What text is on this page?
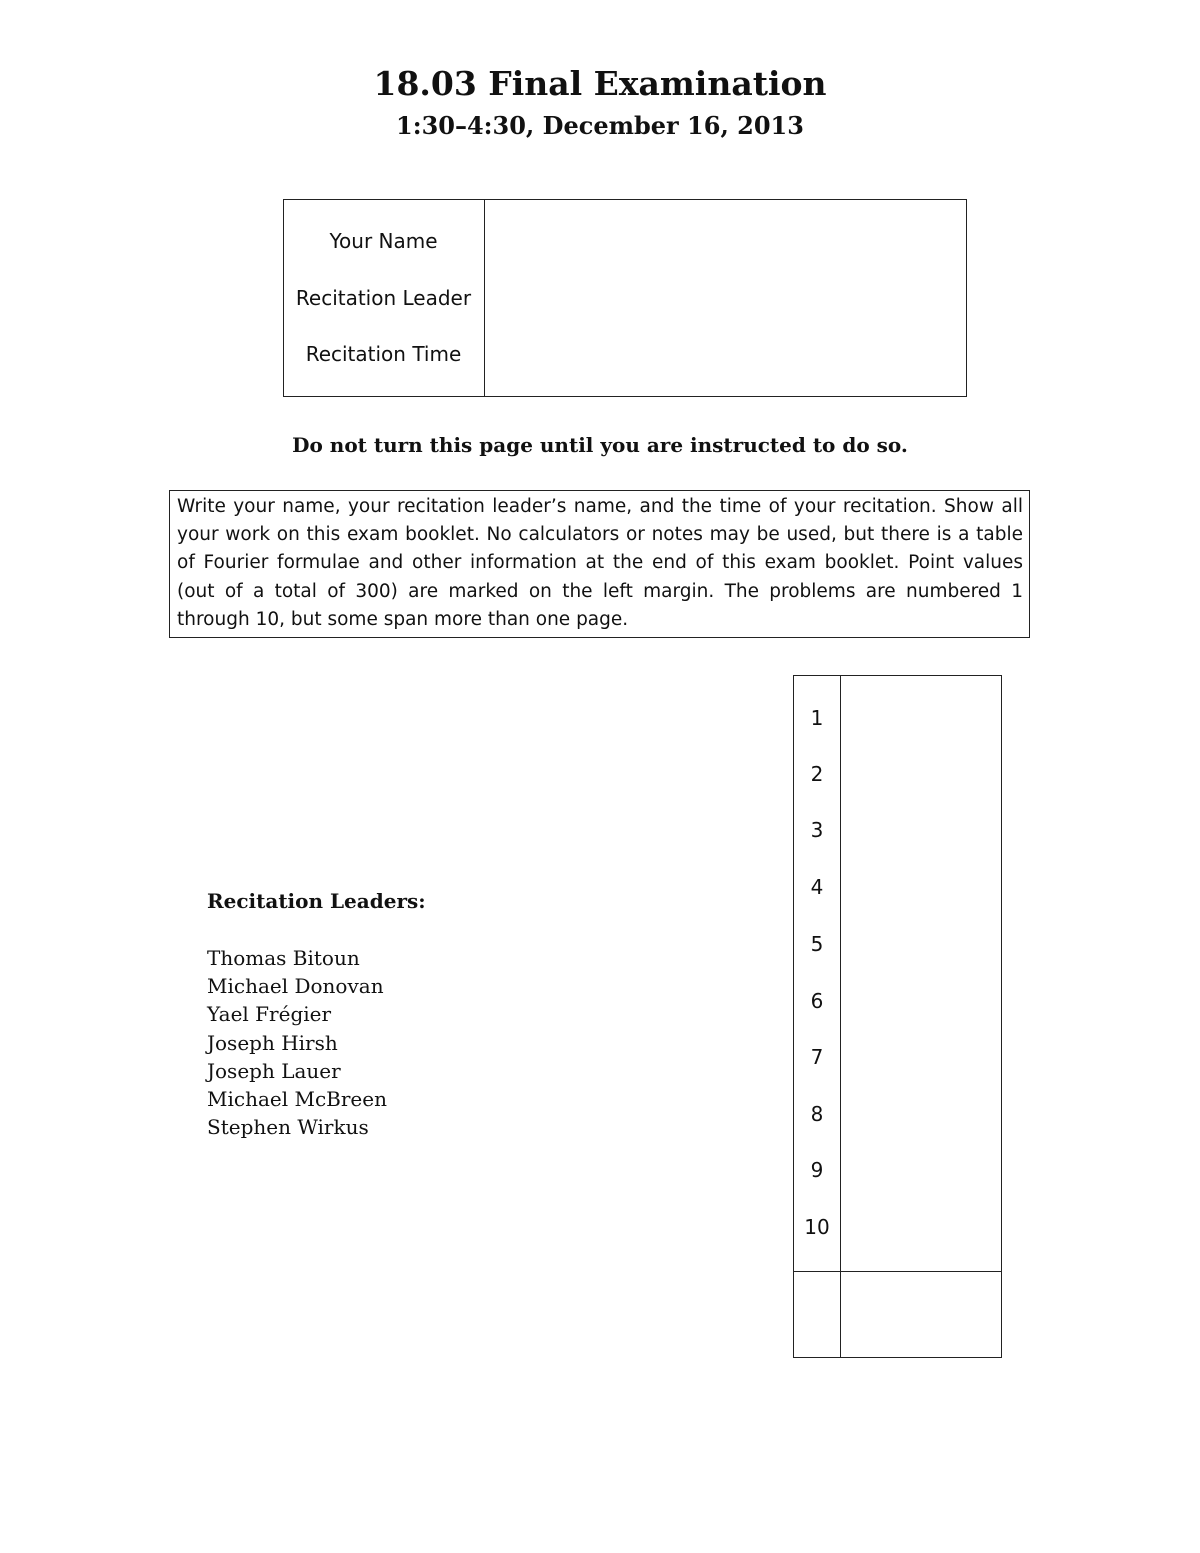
18.03 Final Examination
1:30–4:30, December 16, 2013
Your Name
Recitation Leader
Recitation Time
Do not turn this page until you are instructed to do so.
Write your name, your recitation leader’s name, and the time of your recitation. Show all your work on this exam booklet. No calculators or notes may be used, but there is a table of Fourier formulae and other information at the end of this exam booklet. Point values (out of a total of 300) are marked on the left margin. The problems are numbered 1 through 10, but some span more than one page.
Recitation Leaders:
Thomas Bitoun
Michael Donovan
Yael Frégier
Joseph Hirsh
Joseph Lauer
Michael McBreen
Stephen Wirkus
1
2
3
4
5
6
7
8
9
10
